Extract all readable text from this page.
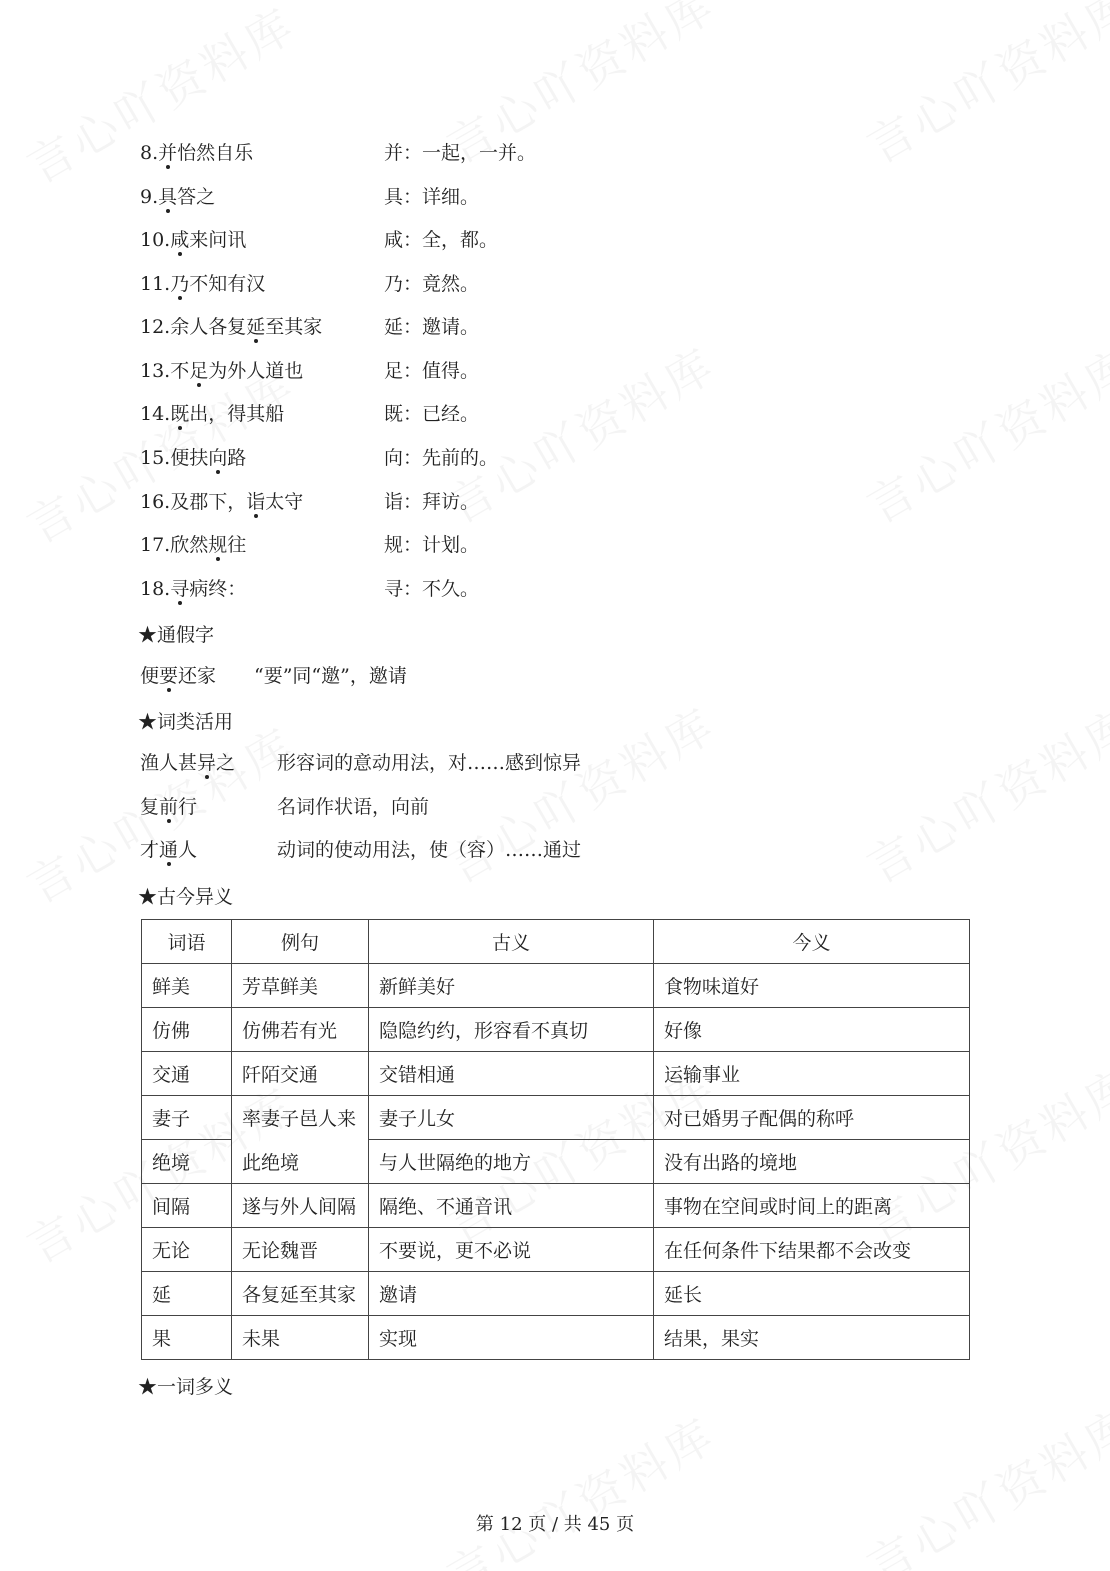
8.并怡然自乐	并：一起，一并。
9.具答之	具：详细。
10.咸来问讯	咸：全，都。
11.乃不知有汉	乃：竟然。
12.余人各复延至其家	延：邀请。
13.不足为外人道也	足：值得。
14.既出，得其船	既：已经。
15.便扶向路	向：先前的。
16.及郡下，诣太守	诣：拜访。
17.欣然规往	规：计划。
18.寻病终：	寻：不久。
★通假字
便要还家 “要”同“邀”，邀请
★词类活用
渔人甚异之 形容词的意动用法，对……感到惊异
复前行	名词作状语，向前
才通人	动词的使动用法，使（容）……通过
★古今异义
词语	例句	古义	今义
鲜美	芳草鲜美	新鲜美好	食物味道好
仿佛	仿佛若有光	隐隐约约，形容看不真切	好像
交通	阡陌交通	交错相通	运输事业
妻子	率妻子邑人来	妻子儿女	对已婚男子配偶的称呼
绝境	此绝境	与人世隔绝的地方	没有出路的境地
间隔	遂与外人间隔	隔绝、不通音讯	事物在空间或时间上的距离
无论	无论魏晋	不要说，更不必说	在任何条件下结果都不会改变
延	各复延至其家	邀请	延长
果	未果	实现	结果，果实
★一词多义
第 12 页 / 共 45 页
